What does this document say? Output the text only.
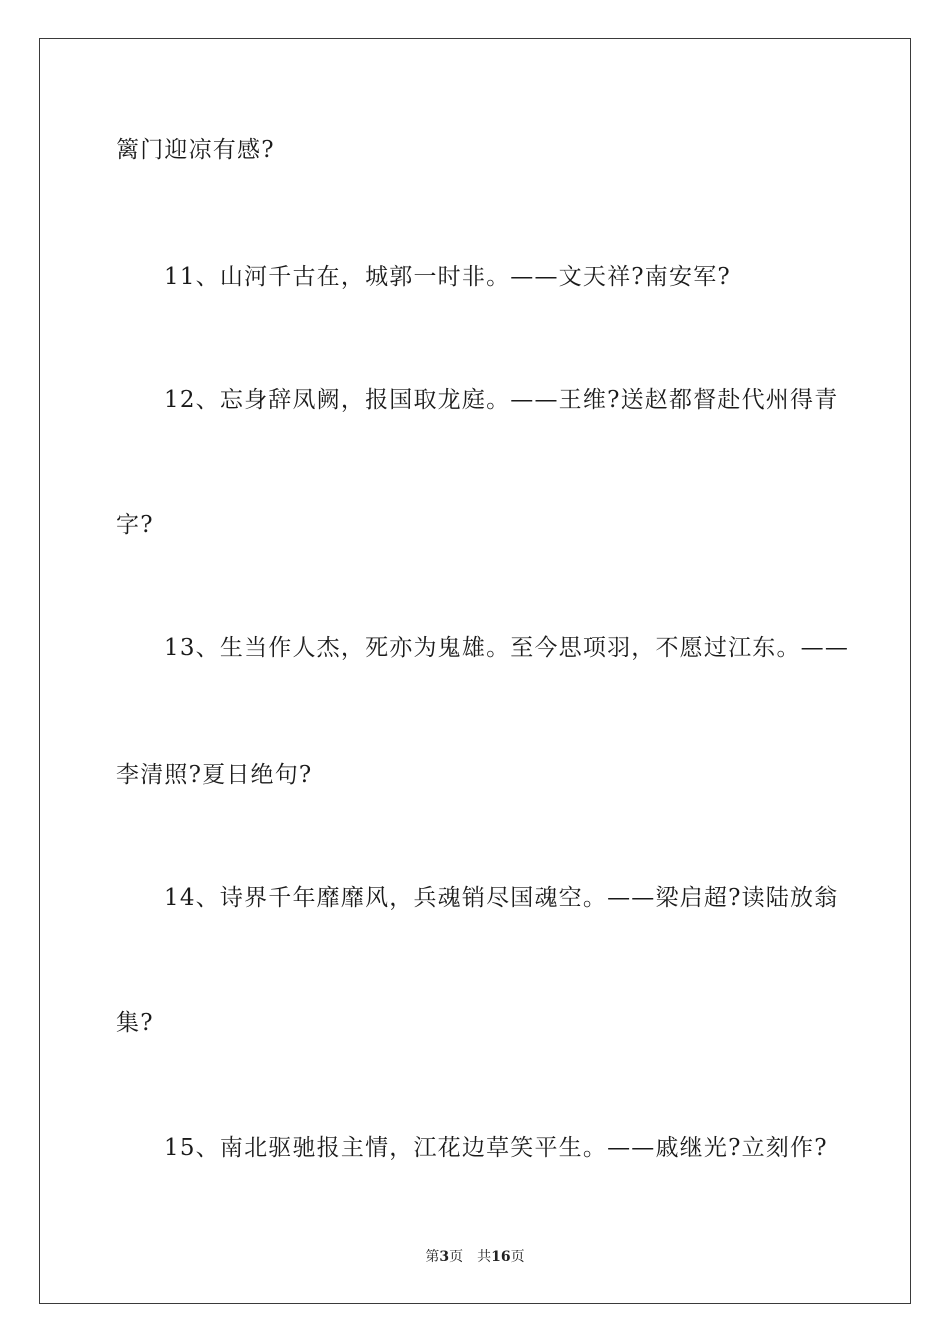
篱门迎凉有感?
11、山河千古在，城郭一时非。——文天祥?南安军?
12、忘身辞凤阙，报国取龙庭。——王维?送赵都督赴代州得青
字?
13、生当作人杰，死亦为鬼雄。至今思项羽，不愿过江东。——
李清照?夏日绝句?
14、诗界千年靡靡风，兵魂销尽国魂空。——梁启超?读陆放翁
集?
15、南北驱驰报主情，江花边草笑平生。——戚继光?立刻作?
第3页 共16页
